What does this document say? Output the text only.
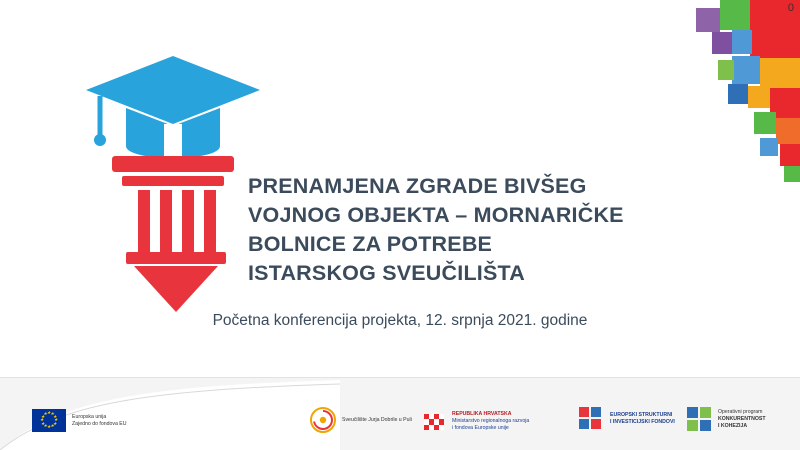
0
PRENAMJENA ZGRADE BIVŠEG
VOJNOG OBJEKTA – MORNARIČKE
BOLNICE ZA POTREBE
ISTARSKOG SVEUČILIŠTA
Početna konferencija projekta, 12. srpnja 2021. godine
★ ★
★
★
★
★
★
★
★
★
★
★	Europska unija
Zajedno do fondova EU
Sveučilište Jurja Dobrile u Puli
REPUBLIKA HRVATSKA
Ministarstvo regionalnoga razvoja
i fondova Europske unije
EUROPSKI STRUKTURNI
I INVESTICIJSKI FONDOVI
Operativni program
KONKURENTNOST
I KOHEZIJA
